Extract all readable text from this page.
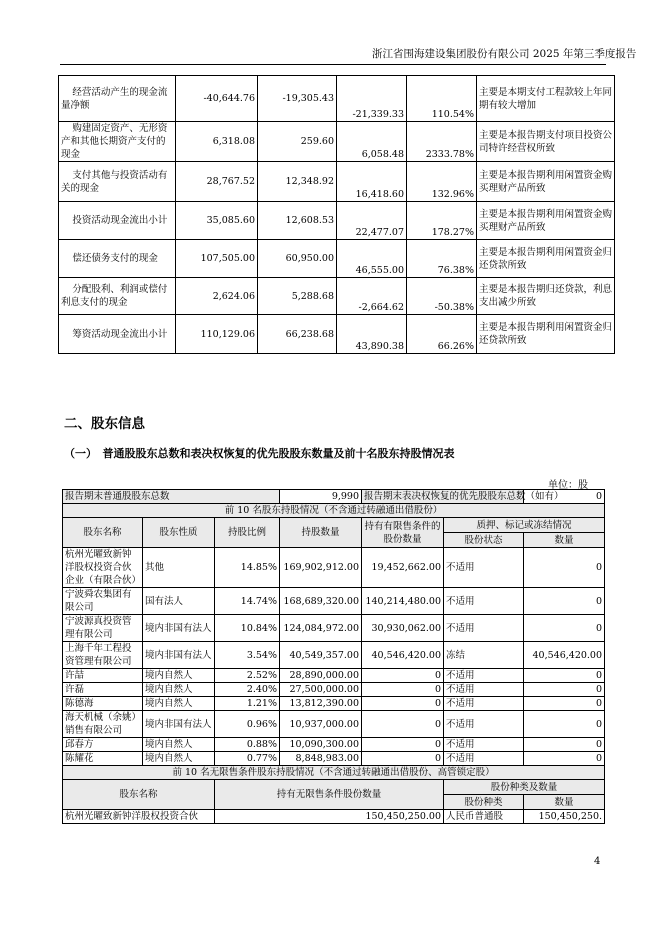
浙江省围海建设集团股份有限公司 2025 年第三季度报告
经营活动产生的现金流量净额	-40,644.76	-19,305.43	-21,339.33	110.54%	主要是本期支付工程款较上年同期有较大增加
购建固定资产、无形资产和其他长期资产支付的现金	6,318.08	259.60	6,058.48	2333.78%	主要是本报告期支付项目投资公司特许经营权所致
支付其他与投资活动有关的现金	28,767.52	12,348.92	16,418.60	132.96%	主要是本报告期利用闲置资金购买理财产品所致
投资活动现金流出小计	35,085.60	12,608.53	22,477.07	178.27%	主要是本报告期利用闲置资金购买理财产品所致
偿还债务支付的现金	107,505.00	60,950.00	46,555.00	76.38%	主要是本报告期利用闲置资金归还贷款所致
分配股利、利润或偿付利息支付的现金	2,624.06	5,288.68	-2,664.62	-50.38%	主要是本报告期归还贷款，利息支出减少所致
筹资活动现金流出小计	110,129.06	66,238.68	43,890.38	66.26%	主要是本报告期利用闲置资金归还贷款所致
二、股东信息
（一）　普通股股东总数和表决权恢复的优先股股东数量及前十名股东持股情况表
单位：股
报告期末普通股股东总数			9,990	报告期末表决权恢复的优先股股东总数（如有）		0
前 10 名股东持股情况（不含通过转融通出借股份）						
股东名称	股东性质	持股比例	持股数量	持有有限售条件的股份数量	质押、标记或冻结情况	
					股份状态	数量
杭州光曜致新钟洋股权投资合伙企业（有限合伙）	其他	14.85%	169,902,912.00	19,452,662.00	不适用	0
宁波舜农集团有限公司	国有法人	14.74%	168,689,320.00	140,214,480.00	不适用	0
宁波源真投资管理有限公司	境内非国有法人	10.84%	124,084,972.00	30,930,062.00	不适用	0
上海千年工程投资管理有限公司	境内非国有法人	3.54%	40,549,357.00	40,546,420.00	冻结	40,546,420.00
许喆	境内自然人	2.52%	28,890,000.00	0	不适用	0
许磊	境内自然人	2.40%	27,500,000.00	0	不适用	0
陈德海	境内自然人	1.21%	13,812,390.00	0	不适用	0
海天机械（余姚）销售有限公司	境内非国有法人	0.96%	10,937,000.00	0	不适用	0
邱春方	境内自然人	0.88%	10,090,300.00	0	不适用	0
陈耀花	境内自然人	0.77%	8,848,983.00	0	不适用	0
前 10 名无限售条件股东持股情况（不含通过转融通出借股份、高管锁定股）						
股东名称		持有无限售条件股份数量			股份种类及数量	
					股份种类	数量
杭州光曜致新钟洋股权投资合伙		150,450,250.00			人民币普通股	150,450,250.
4
